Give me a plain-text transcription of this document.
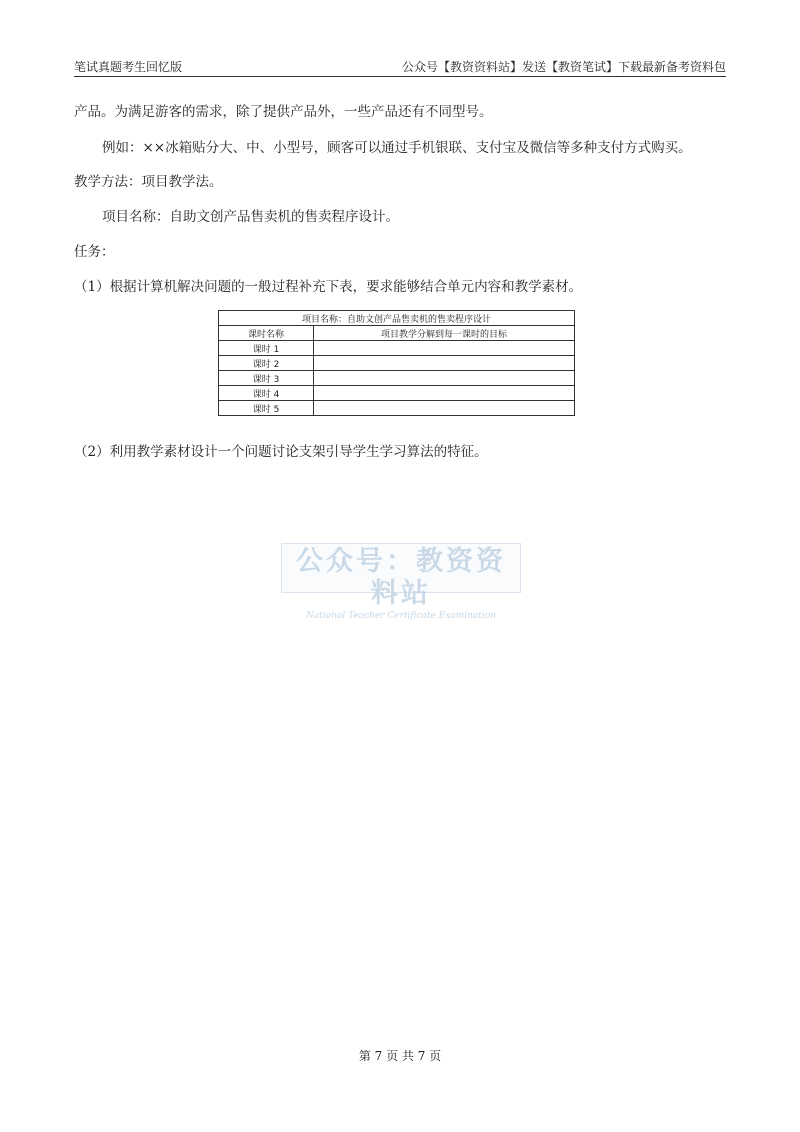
笔试真题考生回忆版	公众号【教资资料站】发送【教资笔试】下载最新备考资料包
产品。为满足游客的需求，除了提供产品外，一些产品还有不同型号。
例如：××冰箱贴分大、中、小型号，顾客可以通过手机银联、支付宝及微信等多种支付方式购买。
教学方法：项目教学法。
项目名称：自助文创产品售卖机的售卖程序设计。
任务：
（1）根据计算机解决问题的一般过程补充下表，要求能够结合单元内容和教学素材。
项目名称：自助文创产品售卖机的售卖程序设计	
课时名称	项目教学分解到每一课时的目标
课时 1	
课时 2	
课时 3	
课时 4	
课时 5	
（2）利用教学素材设计一个问题讨论支架引导学生学习算法的特征。
公众号：教资资料站
National Teacher Certificate Examination
第 7 页 共 7 页
